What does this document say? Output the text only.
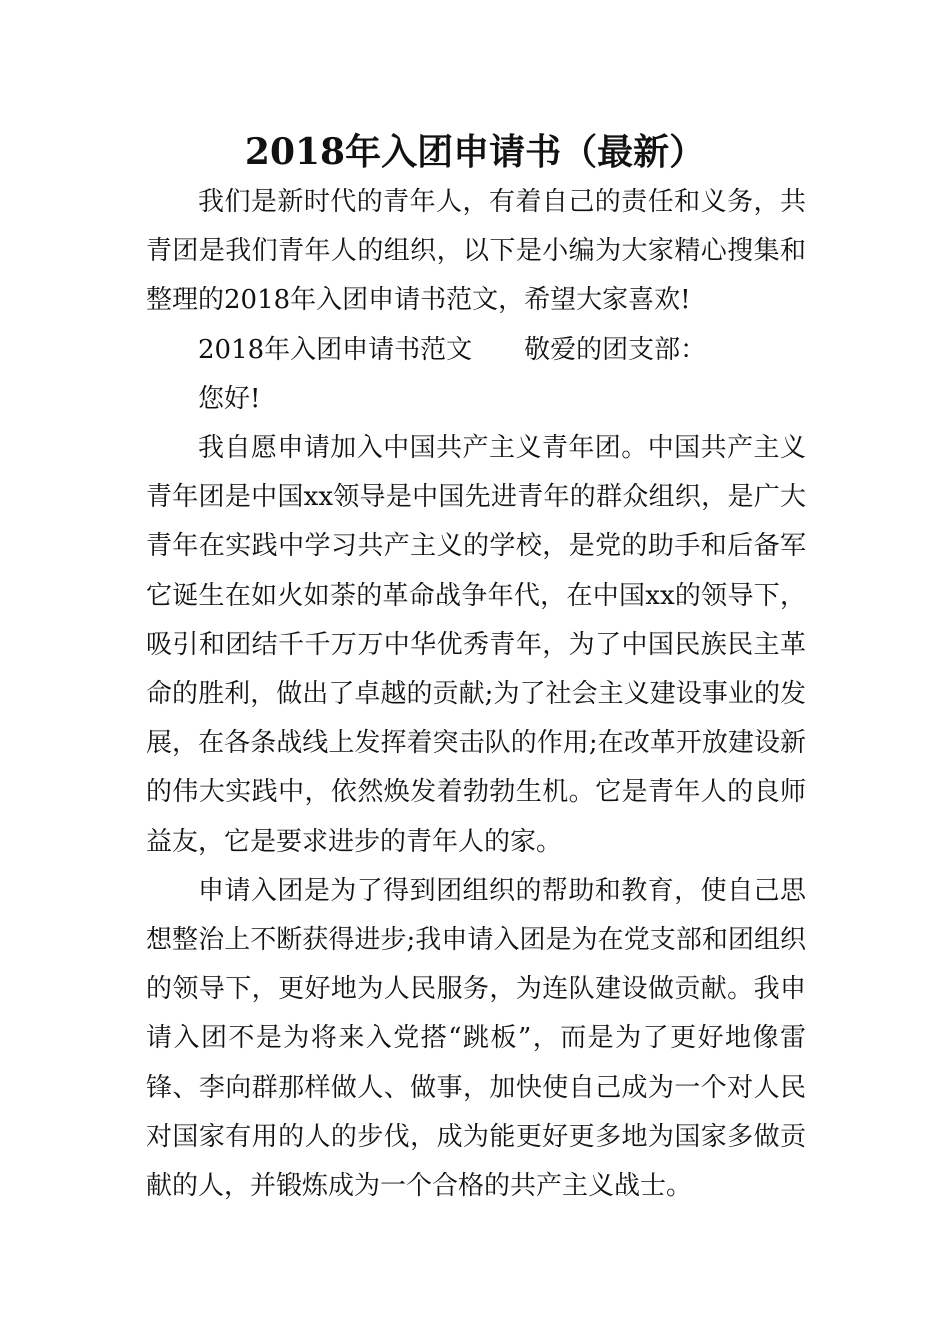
2018年入团申请书（最新）

我们是新时代的青年人，有着自己的责任和义务，共青团是我们青年人的组织，以下是小编为大家精心搜集和整理的2018年入团申请书范文，希望大家喜欢!

2018年入团申请书范文 敬爱的团支部：

您好!

我自愿申请加入中国共产主义青年团。中国共产主义青年团是中国xx领导是中国先进青年的群众组织，是广大青年在实践中学习共产主义的学校，是党的助手和后备军它诞生在如火如荼的革命战争年代，在中国xx的领导下，吸引和团结千千万万中华优秀青年，为了中国民族民主革命的胜利，做出了卓越的贡献;为了社会主义建设事业的发展，在各条战线上发挥着突击队的作用;在改革开放建设新的伟大实践中，依然焕发着勃勃生机。它是青年人的良师益友，它是要求进步的青年人的家。

申请入团是为了得到团组织的帮助和教育，使自己思想整治上不断获得进步;我申请入团是为在党支部和团组织的领导下，更好地为人民服务，为连队建设做贡献。我申请入团不是为将来入党搭“跳板”，而是为了更好地像雷锋、李向群那样做人、做事，加快使自己成为一个对人民对国家有用的人的步伐，成为能更好更多地为国家多做贡献的人，并锻炼成为一个合格的共产主义战士。
